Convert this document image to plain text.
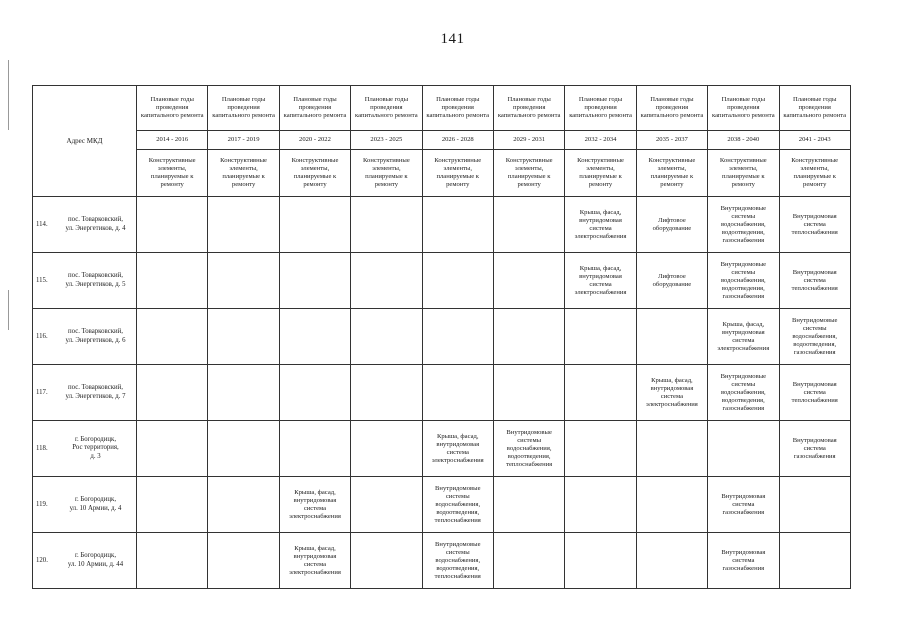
141
Адрес МКД	Плановые годы проведения капитального ремонта	Плановые годы проведения капитального ремонта	Плановые годы проведения капитального ремонта	Плановые годы проведения капитального ремонта	Плановые годы проведения капитального ремонта	Плановые годы проведения капитального ремонта	Плановые годы проведения капитального ремонта	Плановые годы проведения капитального ремонта	Плановые годы проведения капитального ремонта	Плановые годы проведения капитального ремонта
	2014 - 2016	2017 - 2019	2020 - 2022	2023 - 2025	2026 - 2028	2029 - 2031	2032 - 2034	2035 - 2037	2038 - 2040	2041 - 2043
	Конструктивные элементы, планируемые к ремонту	Конструктивные элементы, планируемые к ремонту	Конструктивные элементы, планируемые к ремонту	Конструктивные элементы, планируемые к ремонту	Конструктивные элементы, планируемые к ремонту	Конструктивные элементы, планируемые к ремонту	Конструктивные элементы, планируемые к ремонту	Конструктивные элементы, планируемые к ремонту	Конструктивные элементы, планируемые к ремонту	Конструктивные элементы, планируемые к ремонту

114.
пос. Товарковский,
ул. Энергетиков, д. 4							Крыша, фасад,
внутридомовая
система
электроснабжения	Лифтовое
оборудование	Внутридомовые
системы
водоснабжения,
водоотведения,
газоснабжения	Внутридомовая
система
теплоснабжения

115.
пос. Товарковский,
ул. Энергетиков, д. 5							Крыша, фасад,
внутридомовая
система
электроснабжения	Лифтовое
оборудование	Внутридомовые
системы
водоснабжения,
водоотведения,
газоснабжения	Внутридомовая
система
теплоснабжения

116.
пос. Товарковский,
ул. Энергетиков, д. 6									Крыша, фасад,
внутридомовая
система
электроснабжения	Внутридомовые
системы
водоснабжения,
водоотведения,
газоснабжения

117.
пос. Товарковский,
ул. Энергетиков, д. 7								Крыша, фасад,
внутридомовая
система
электроснабжения	Внутридомовые
системы
водоснабжения,
водоотведения,
газоснабжения	Внутридомовая
система
теплоснабжения

118.
г. Богородицк,
Рос территория,
д. 3					Крыша, фасад,
внутридомовая
система
электроснабжения	Внутридомовые
системы
водоснабжения,
водоотведения,
теплоснабжения				Внутридомовая
система
газоснабжения

119.
г. Богородицк,
ул. 10 Армии, д. 4			Крыша, фасад,
внутридомовая
система
электроснабжения		Внутридомовые
системы
водоснабжения,
водоотведения,
теплоснабжения				Внутридомовая
система
газоснабжения	

120.
г. Богородицк,
ул. 10 Армии, д. 44			Крыша, фасад,
внутридомовая
система
электроснабжения		Внутридомовые
системы
водоснабжения,
водоотведения,
теплоснабжения				Внутридомовая
система
газоснабжения	
